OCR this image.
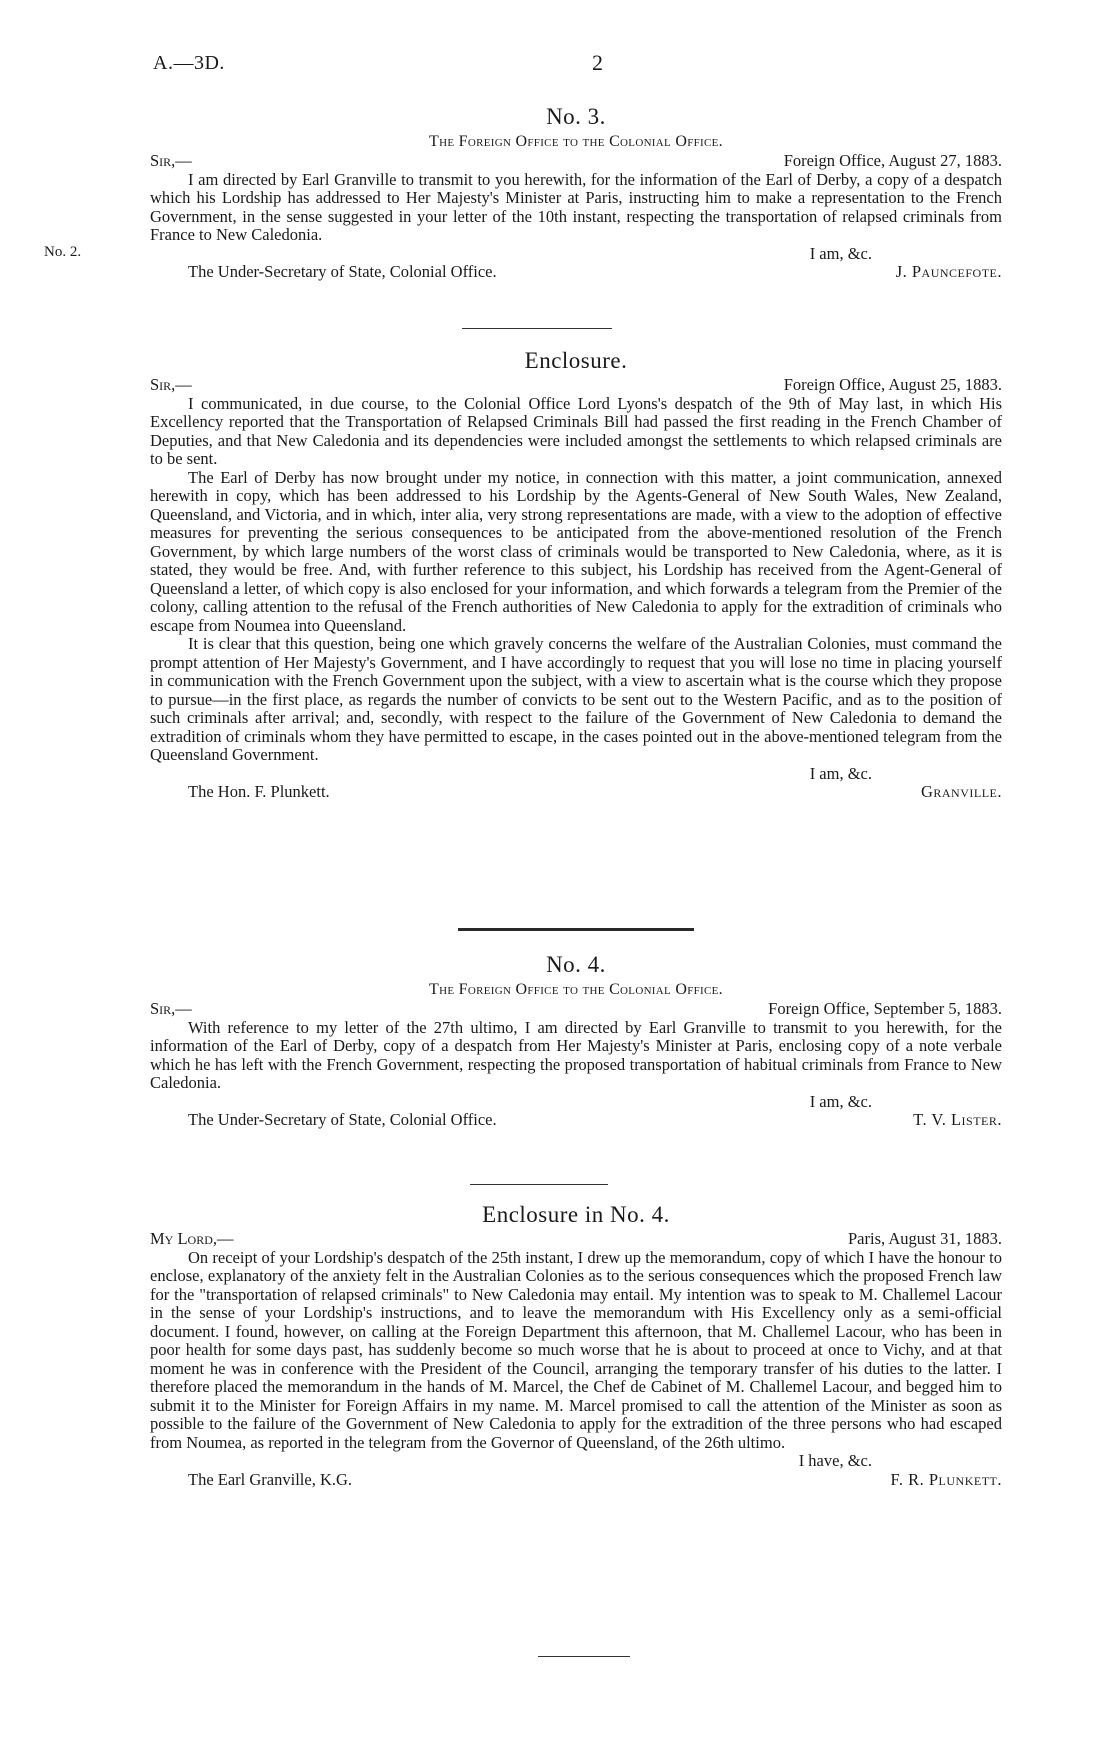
A.—3D.	2
No. 2.
No. 3.
The Foreign Office to the Colonial Office.
Sir,—	Foreign Office, August 27, 1883.

I am directed by Earl Granville to transmit to you herewith, for the information of the Earl of Derby, a copy of a despatch which his Lordship has addressed to Her Majesty's Minister at Paris, instructing him to make a representation to the French Government, in the sense suggested in your letter of the 10th instant, respecting the transportation of relapsed criminals from France to New Caledonia.

I am, &c.
The Under-Secretary of State, Colonial Office.	J. Pauncefote.
Enclosure.
Sir,—	Foreign Office, August 25, 1883.

I communicated, in due course, to the Colonial Office Lord Lyons's despatch of the 9th of May last, in which His Excellency reported that the Transportation of Relapsed Criminals Bill had passed the first reading in the French Chamber of Deputies, and that New Caledonia and its dependencies were included amongst the settlements to which relapsed criminals are to be sent.

The Earl of Derby has now brought under my notice, in connection with this matter, a joint communication, annexed herewith in copy, which has been addressed to his Lordship by the Agents-General of New South Wales, New Zealand, Queensland, and Victoria, and in which, inter alia, very strong representations are made, with a view to the adoption of effective measures for preventing the serious consequences to be anticipated from the above-mentioned resolution of the French Government, by which large numbers of the worst class of criminals would be transported to New Caledonia, where, as it is stated, they would be free. And, with further reference to this subject, his Lordship has received from the Agent-General of Queensland a letter, of which copy is also enclosed for your information, and which forwards a telegram from the Premier of the colony, calling attention to the refusal of the French authorities of New Caledonia to apply for the extradition of criminals who escape from Noumea into Queensland.

It is clear that this question, being one which gravely concerns the welfare of the Australian Colonies, must command the prompt attention of Her Majesty's Government, and I have accordingly to request that you will lose no time in placing yourself in communication with the French Government upon the subject, with a view to ascertain what is the course which they propose to pursue—in the first place, as regards the number of convicts to be sent out to the Western Pacific, and as to the position of such criminals after arrival; and, secondly, with respect to the failure of the Government of New Caledonia to demand the extradition of criminals whom they have permitted to escape, in the cases pointed out in the above-mentioned telegram from the Queensland Government.

I am, &c.
The Hon. F. Plunkett.	Granville.
No. 4.
The Foreign Office to the Colonial Office.
Sir,—	Foreign Office, September 5, 1883.

With reference to my letter of the 27th ultimo, I am directed by Earl Granville to transmit to you herewith, for the information of the Earl of Derby, copy of a despatch from Her Majesty's Minister at Paris, enclosing copy of a note verbale which he has left with the French Government, respecting the proposed transportation of habitual criminals from France to New Caledonia.

I am, &c.
The Under-Secretary of State, Colonial Office.	T. V. Lister.
Enclosure in No. 4.
My Lord,—	Paris, August 31, 1883.

On receipt of your Lordship's despatch of the 25th instant, I drew up the memorandum, copy of which I have the honour to enclose, explanatory of the anxiety felt in the Australian Colonies as to the serious consequences which the proposed French law for the "transportation of relapsed criminals" to New Caledonia may entail. My intention was to speak to M. Challemel Lacour in the sense of your Lordship's instructions, and to leave the memorandum with His Excellency only as a semi-official document. I found, however, on calling at the Foreign Department this afternoon, that M. Challemel Lacour, who has been in poor health for some days past, has suddenly become so much worse that he is about to proceed at once to Vichy, and at that moment he was in conference with the President of the Council, arranging the temporary transfer of his duties to the latter. I therefore placed the memorandum in the hands of M. Marcel, the Chef de Cabinet of M. Challemel Lacour, and begged him to submit it to the Minister for Foreign Affairs in my name. M. Marcel promised to call the attention of the Minister as soon as possible to the failure of the Government of New Caledonia to apply for the extradition of the three persons who had escaped from Noumea, as reported in the telegram from the Governor of Queensland, of the 26th ultimo.

I have, &c.
The Earl Granville, K.G.	F. R. Plunkett.
